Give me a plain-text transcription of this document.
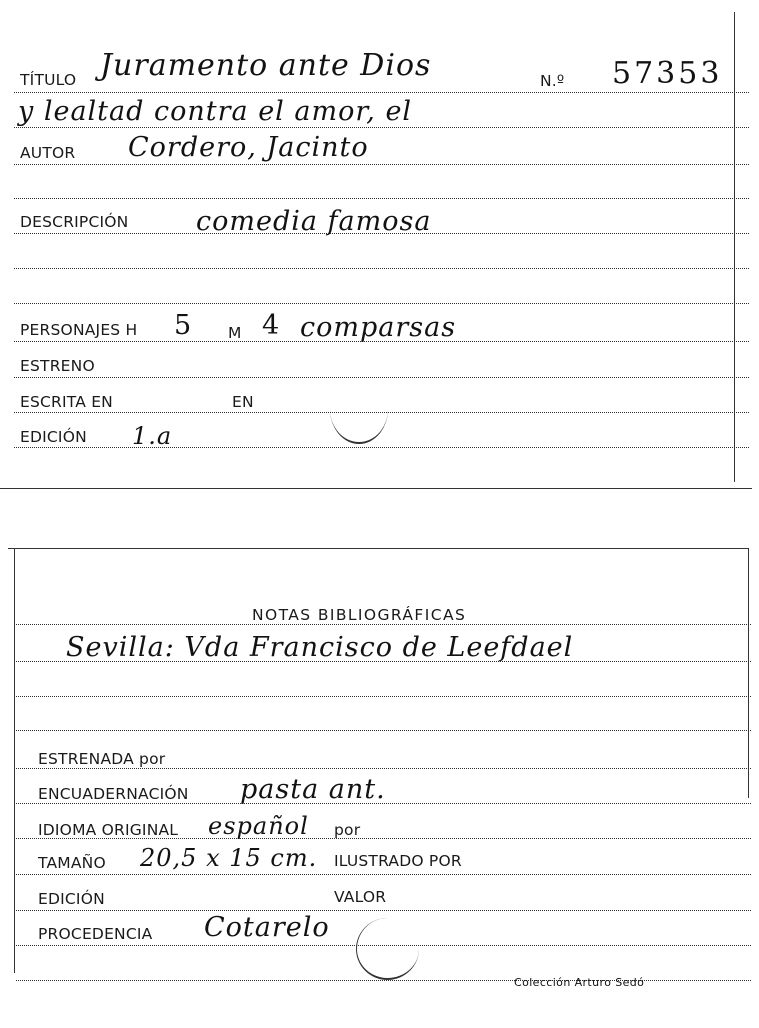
TÍTULO Juramento ante Dios	N.º 57353
y lealtad contra el amor, el
AUTOR Cordero, Jacinto
DESCRIPCIÓN	comedia famosa
PERSONAJES H 5 M 4 comparsas
ESTRENO
ESCRITA EN	EN
EDICIÓN 1.a
NOTAS BIBLIOGRÁFICAS
Sevilla: Vda Francisco de Leefdael
ESTRENADA por
ENCUADERNACIÓN pasta ant.
IDIOMA ORIGINAL español por
TAMAÑO 20,5 x 15 cm. ILUSTRADO POR
EDICIÓN	VALOR
PROCEDENCIA Cotarelo
Colección Arturo Sedó
